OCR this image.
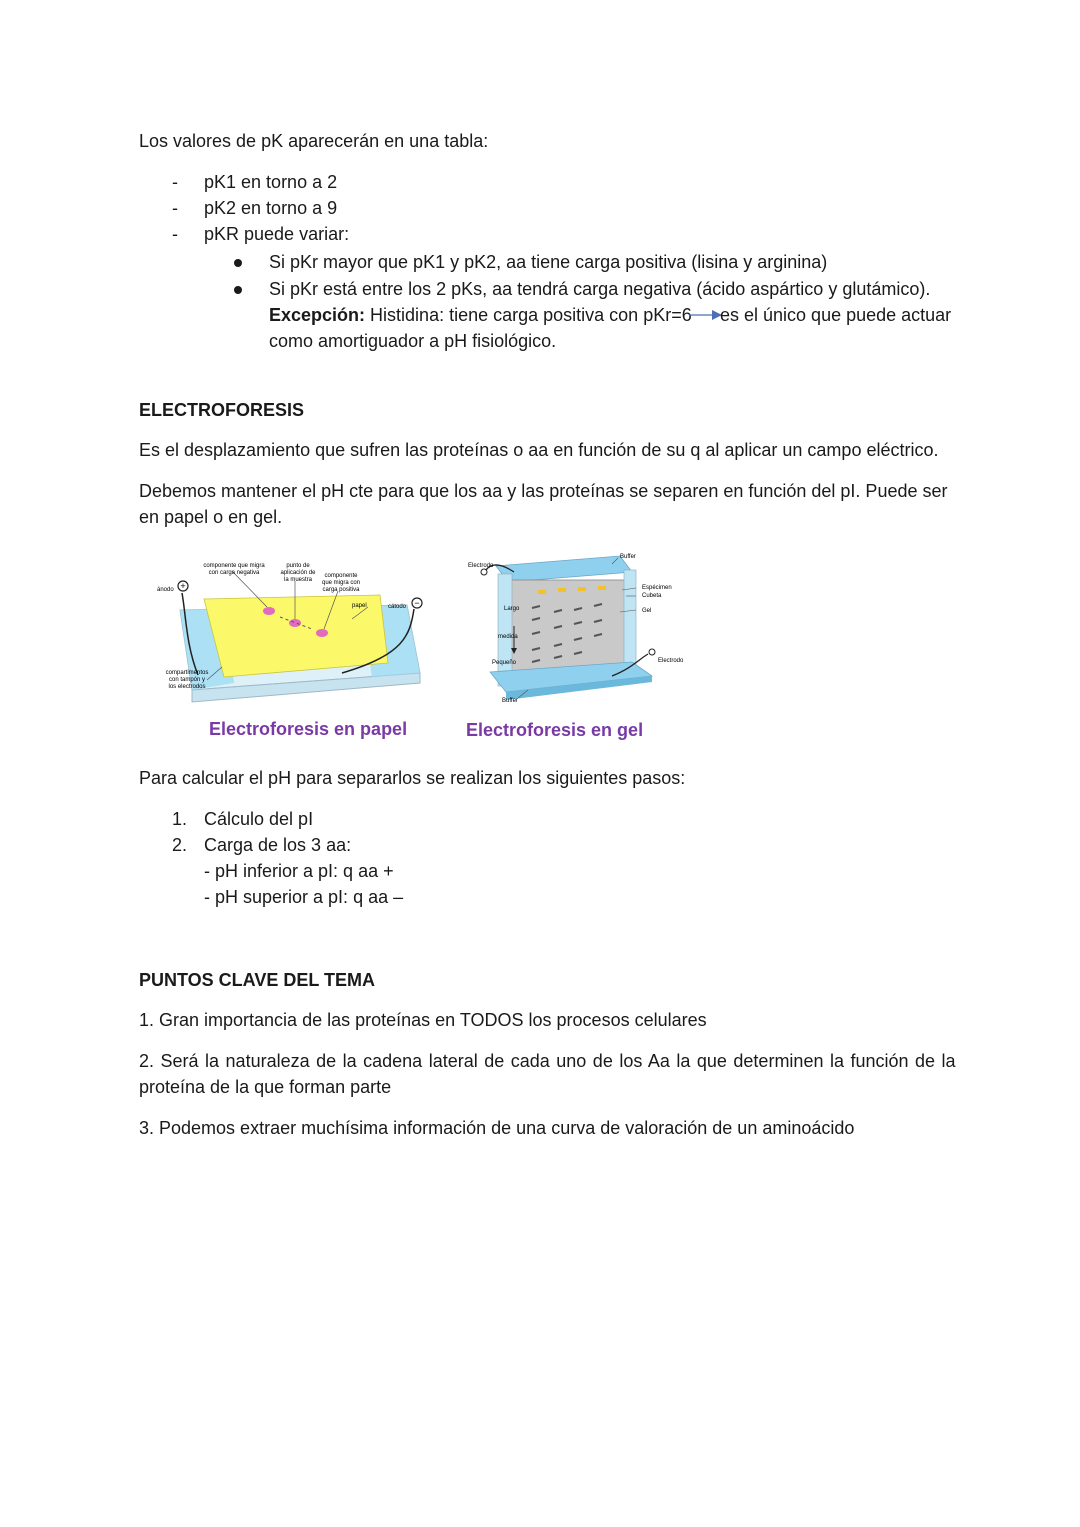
Los valores de pK aparecerán en una tabla:
- pK1 en torno a 2
- pK2 en torno a 9
- pKR puede variar:
Si pKr mayor que pK1 y pK2, aa tiene carga positiva (lisina y arginina)
Si pKr está entre los 2 pKs, aa tendrá carga negativa (ácido aspártico y glutámico).
Excepción: Histidina: tiene carga positiva con pKr=6 es el único que puede actuar
como amortiguador a pH fisiológico.
ELECTROFORESIS
Es el desplazamiento que sufren las proteínas o aa en función de su q al aplicar un campo eléctrico.
Debemos mantener el pH cte para que los aa y las proteínas se separen en función del pI. Puede ser
en papel o en gel.
+
−
componente que migra
con carga negativa
punto de
aplicación de
la muestra
componente
que migra con
carga positiva
ánodo
cátodo
papel
compartimentos
con tampón y
los electrodos
Electroforesis en papel
Buffer
Electrodo
Espécimen
Cubeta
Gel
Largo
medida
Pequeño	Electrodo
Buffer
Electroforesis en gel
Para calcular el pH para separarlos se realizan los siguientes pasos:
1. Cálculo del pI
2. Carga de los 3 aa:
- pH inferior a pI: q aa +
- pH superior a pI: q aa –
PUNTOS CLAVE DEL TEMA
1. Gran importancia de las proteínas en TODOS los procesos celulares
2. Será la naturaleza de la cadena lateral de cada uno de los Aa la que determinen la función de la
proteína de la que forman parte
3. Podemos extraer muchísima información de una curva de valoración de un aminoácido
